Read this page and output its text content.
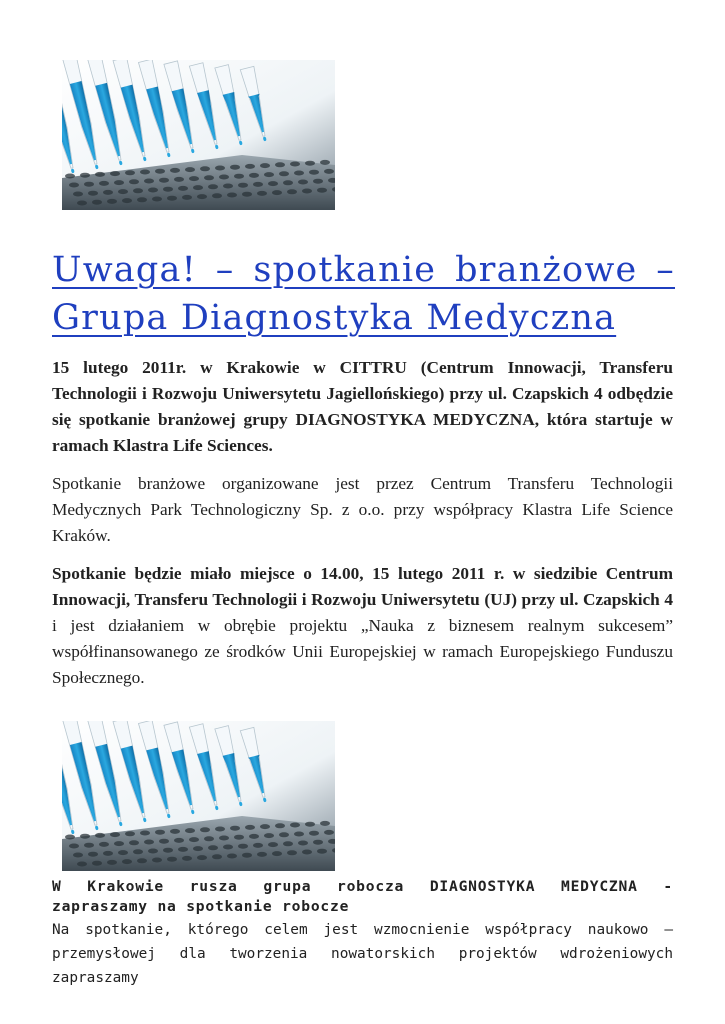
Uwaga! – spotkanie branżowe –
Grupa Diagnostyka Medyczna

15 lutego 2011r. w Krakowie w CITTRU (Centrum Innowacji, Transferu Technologii i Rozwoju Uniwersytetu Jagiellońskiego) przy ul. Czapskich 4 odbędzie się spotkanie branżowej grupy DIAGNOSTYKA MEDYCZNA, która startuje w ramach Klastra Life Sciences.

Spotkanie branżowe organizowane jest przez Centrum Transferu Technologii Medycznych Park Technologiczny Sp. z o.o. przy współpracy Klastra Life Science Kraków.

Spotkanie będzie miało miejsce o 14.00, 15 lutego 2011 r. w siedzibie Centrum Innowacji, Transferu Technologii i Rozwoju Uniwersytetu (UJ) przy ul. Czapskich 4 i jest działaniem w obrębie projektu „Nauka z biznesem realnym sukcesem” współfinansowanego ze środków Unii Europejskiej w ramach Europejskiego Funduszu Społecznego.

W Krakowie rusza grupa robocza DIAGNOSTYKA MEDYCZNA -
zapraszamy na spotkanie robocze
Na spotkanie, którego celem jest wzmocnienie współpracy naukowo –
przemysłowej dla tworzenia nowatorskich projektów wdrożeniowych zapraszamy
